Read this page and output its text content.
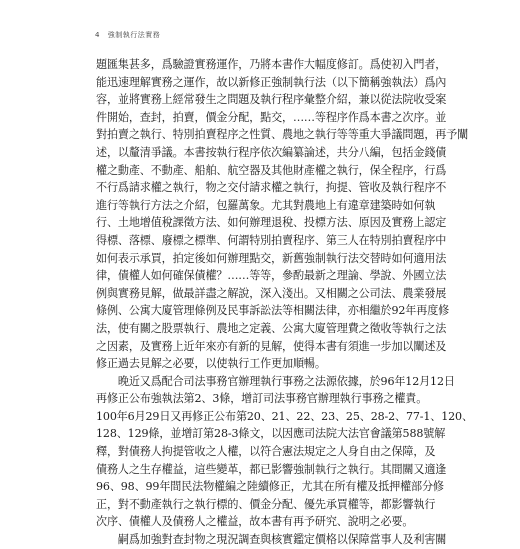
4 強制執行法實務
題匯集甚多，爲驗證實務運作，乃將本書作大幅度修訂。爲使初入門者，
能迅速理解實務之運作，故以新修正強制執行法（以下簡稱強執法）爲內
容，並將實務上經常發生之問題及執行程序彙整介紹，兼以從法院收受案
件開始，查封，拍賣，價金分配，點交，……等程序作爲本書之次序。並
對拍賣之執行、特別拍賣程序之性質、農地之執行等等重大爭議問題，再予闡
述，以釐清爭議。本書按執行程序依次編纂論述，共分八編，包括金錢債
權之動產、不動產、船舶、航空器及其他財產權之執行，保全程序，行爲
不行爲請求權之執行，物之交付請求權之執行，拘提、管收及執行程序不
進行等執行方法之介紹，包羅萬象。尤其對農地上有違章建築時如何執
行、土地增值稅課徵方法、如何辦理退稅、投標方法、原因及實務上認定
得標、落標、廢標之標準、何謂特別拍賣程序、第三人在特別拍賣程序中
如何表示承買，拍定後如何辦理點交，新舊強制執行法交替時如何適用法
律，債權人如何確保債權？……等等，參酌最新之理論、學說、外國立法
例與實務見解，做最詳盡之解說，深入淺出。又相關之公司法、農業發展
條例、公寓大廈管理條例及民事訴訟法等相關法律，亦相繼於92年再度修
法，使有關之股票執行、農地之定義、公寓大廈管理費之徵收等執行之法
之因素，及實務上近年來亦有新的見解，使得本書有須進一步加以闡述及
修正過去見解之必要，以使執行工作更加順暢。
　　晚近又爲配合司法事務官辦理執行事務之法源依據，於96年12月12日
再修正公布強執法第2、3條，增訂司法事務官辦理執行事務之權責。
100年6月29日又再修正公布第20、21、22、23、25、28-2、77-1、120、
128、129條，並增訂第28-3條文，以因應司法院大法官會議第588號解
釋，對債務人拘提管收之人權，以符合憲法規定之人身自由之保障，及
債務人之生存權益，這些變革，都已影響強制執行之執行。其間關又適逢
96、98、99年間民法物權編之陸續修正，尤其在所有權及抵押權部分修
正，對不動產執行之執行標的、價金分配、優先承買權等，都影響執行
次序、債權人及債務人之權益，故本書有再予研究、說明之必要。
　　嗣爲加強對查封物之現況調查與核實鑑定價格以保障當事人及利害關
